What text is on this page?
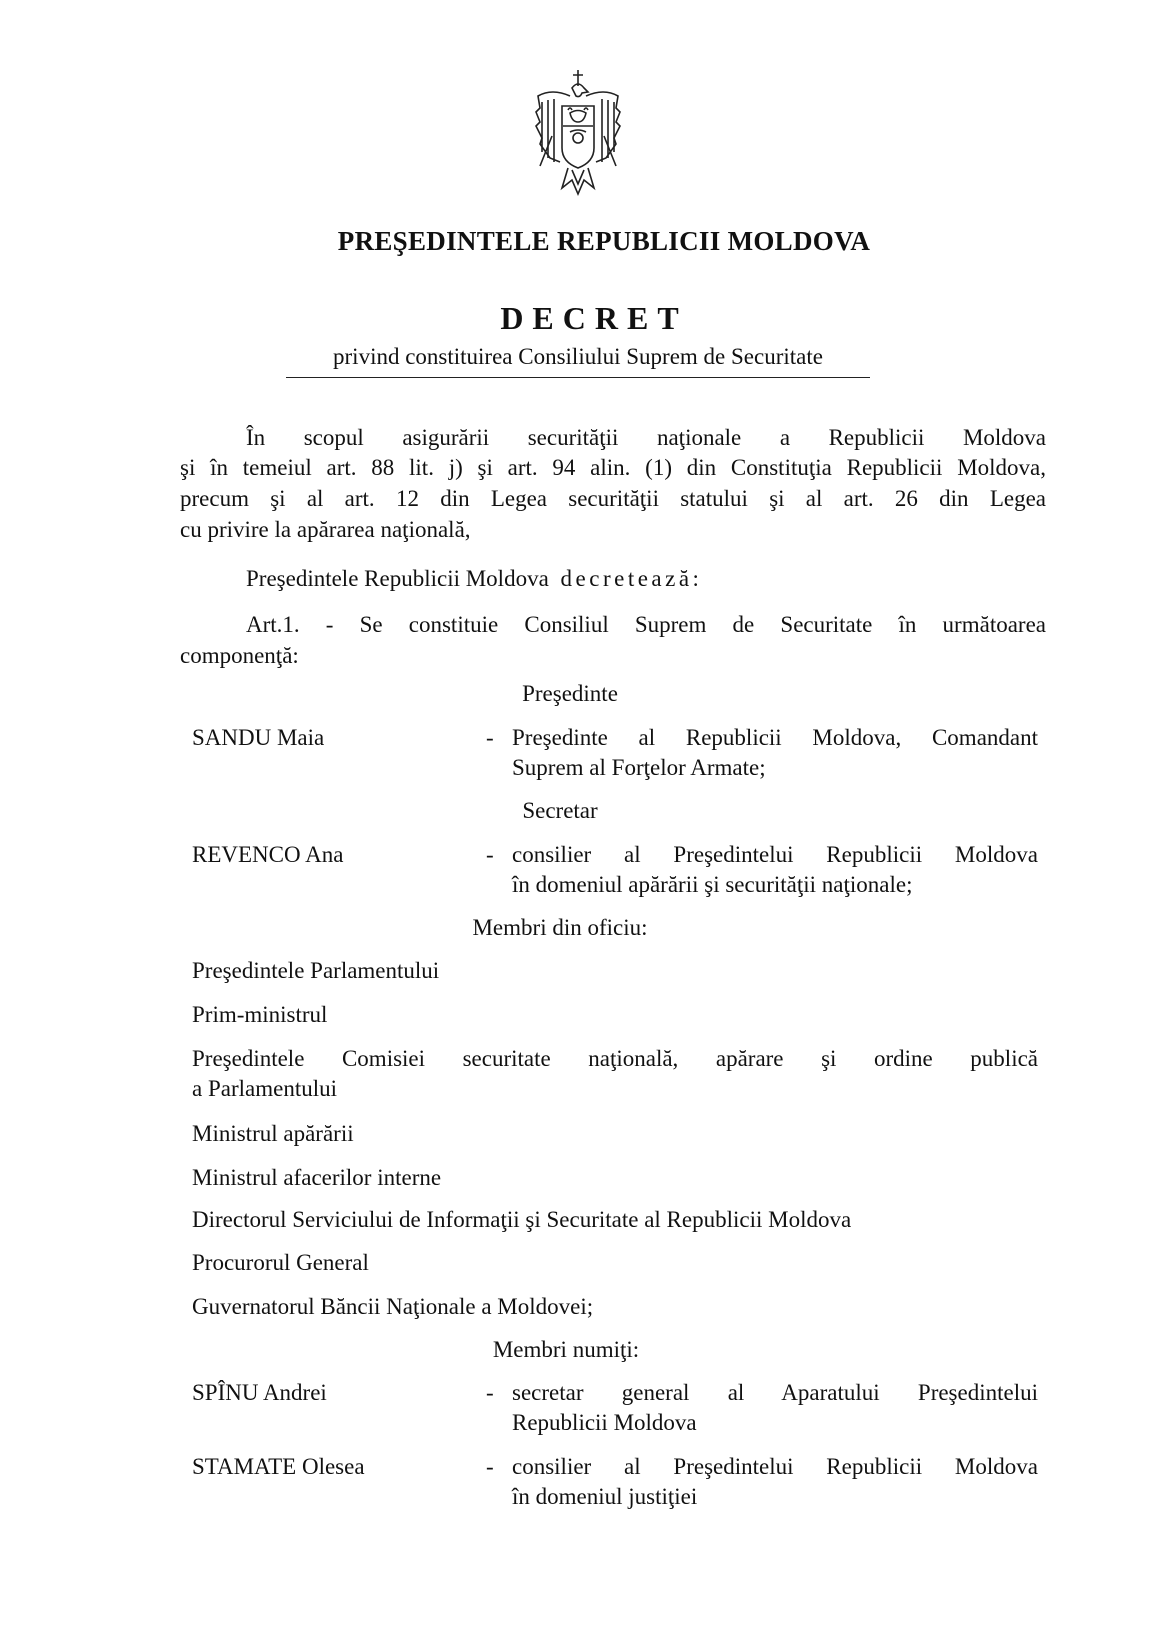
PREŞEDINTELE REPUBLICII MOLDOVA
DECRET
privind constituirea Consiliului Suprem de Securitate
În scopul asigurării securităţii naţionale a Republicii Moldova
şi în temeiul art. 88 lit. j) şi art. 94 alin. (1) din Constituţia Republicii Moldova,
precum şi al art. 12 din Legea securităţii statului şi al art. 26 din Legea
cu privire la apărarea naţională,
Preşedintele Republicii Moldova decretează:
Art.1. - Se constituie Consiliul Suprem de Securitate în următoarea
componenţă:
Preşedinte
SANDU Maia	- Preşedinte al Republicii Moldova, Comandant
Suprem al Forţelor Armate;
Secretar
REVENCO Ana	- consilier al Preşedintelui Republicii Moldova
în domeniul apărării şi securităţii naţionale;
Membri din oficiu:
Preşedintele Parlamentului
Prim-ministrul
Preşedintele Comisiei securitate naţională, apărare şi ordine publică
a Parlamentului
Ministrul apărării
Ministrul afacerilor interne
Directorul Serviciului de Informaţii şi Securitate al Republicii Moldova
Procurorul General
Guvernatorul Băncii Naţionale a Moldovei;
Membri numiţi:
SPÎNU Andrei	- secretar general al Aparatului Preşedintelui
Republicii Moldova
STAMATE Olesea	- consilier al Preşedintelui Republicii Moldova
în domeniul justiţiei
